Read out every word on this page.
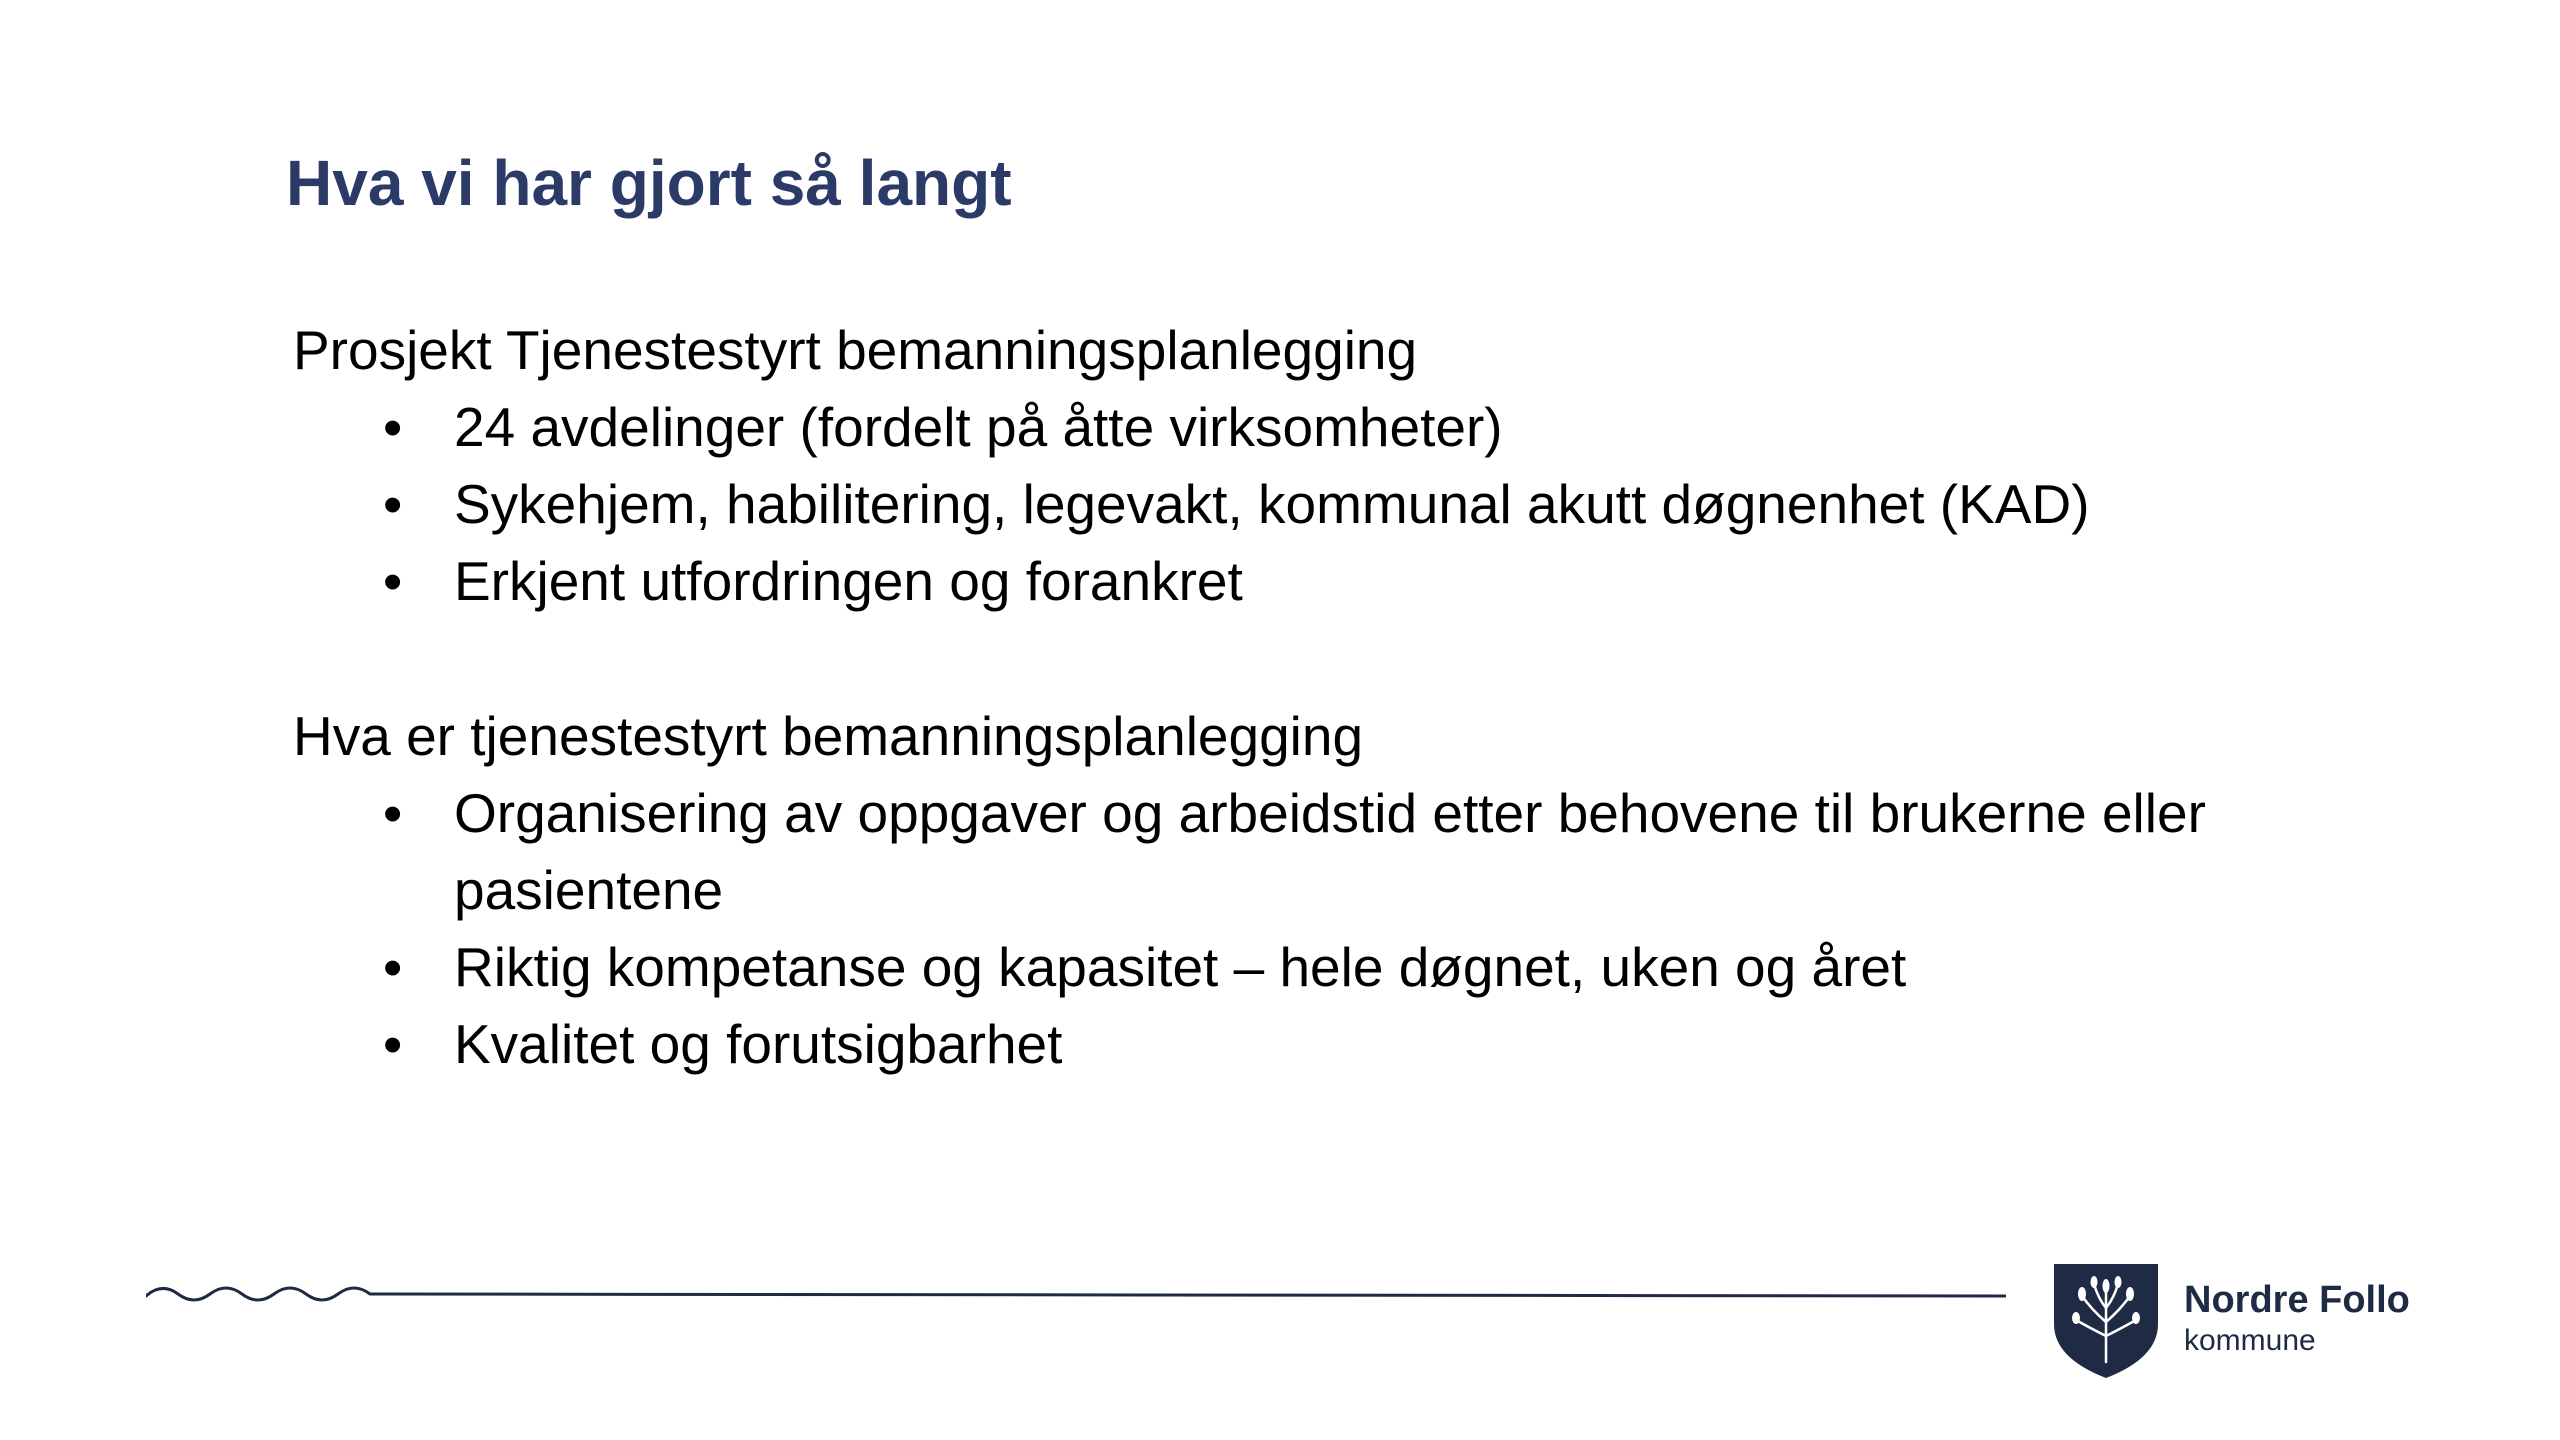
Hva vi har gjort så langt

Prosjekt Tjenestestyrt bemanningsplanlegging

• 24 avdelinger (fordelt på åtte virksomheter)
• Sykehjem, habilitering, legevakt, kommunal akutt døgnenhet (KAD)
• Erkjent utfordringen og forankret

Hva er tjenestestyrt bemanningsplanlegging

• Organisering av oppgaver og arbeidstid etter behovene til brukerne eller pasientene
• Riktig kompetanse og kapasitet – hele døgnet, uken og året
• Kvalitet og forutsigbarhet
Nordre Follo
kommune
